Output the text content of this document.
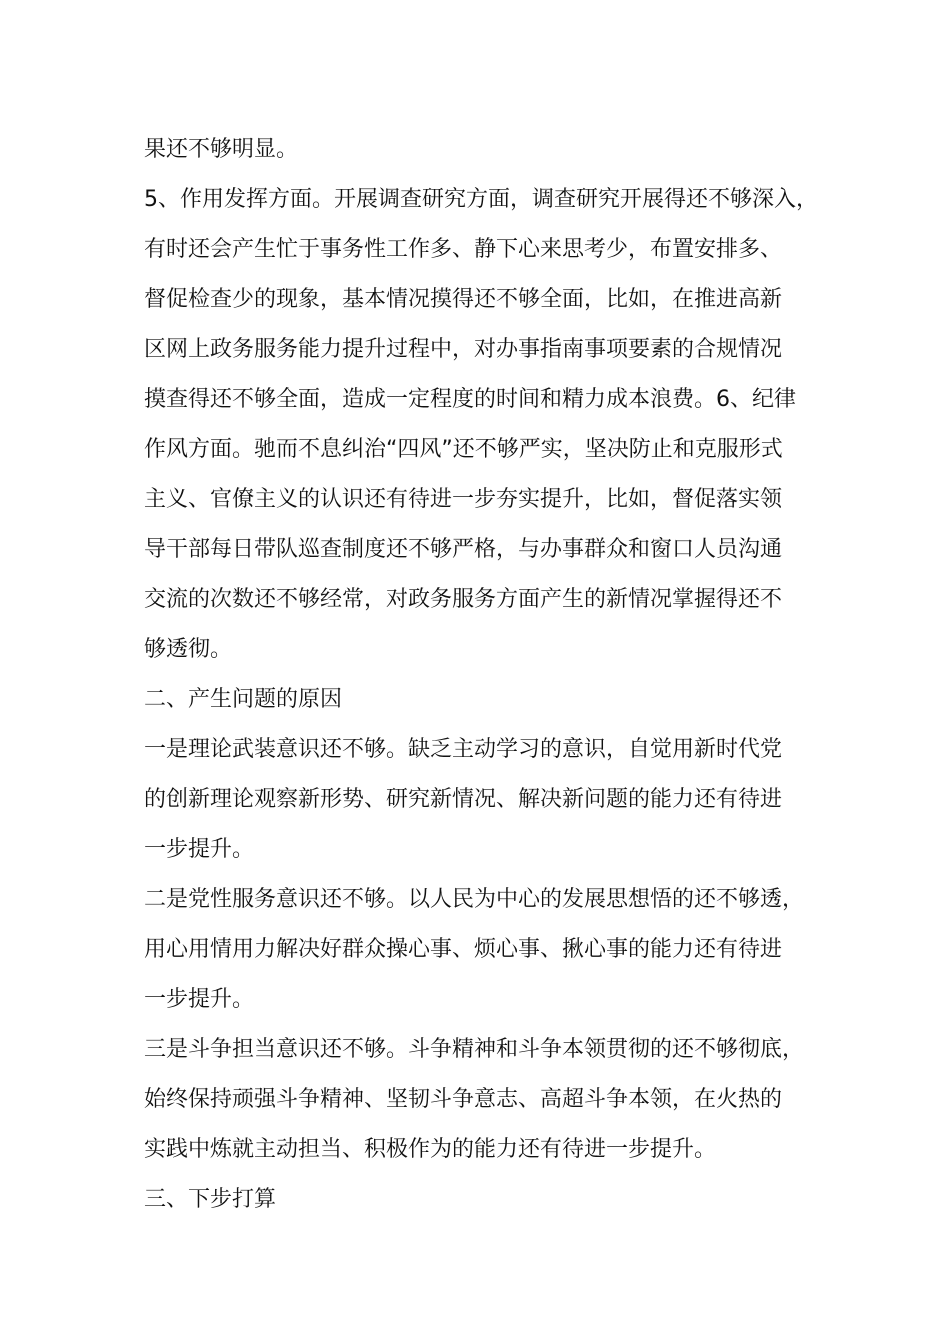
果还不够明显。

5、作用发挥方面。开展调查研究方面，调查研究开展得还不够深入，

有时还会产生忙于事务性工作多、静下心来思考少，布置安排多、

督促检查少的现象，基本情况摸得还不够全面，比如，在推进高新

区网上政务服务能力提升过程中，对办事指南事项要素的合规情况

摸查得还不够全面，造成一定程度的时间和精力成本浪费。6、纪律

作风方面。驰而不息纠治“四风”还不够严实，坚决防止和克服形式

主义、官僚主义的认识还有待进一步夯实提升，比如，督促落实领

导干部每日带队巡查制度还不够严格，与办事群众和窗口人员沟通

交流的次数还不够经常，对政务服务方面产生的新情况掌握得还不

够透彻。

二、产生问题的原因

一是理论武装意识还不够。缺乏主动学习的意识，自觉用新时代党

的创新理论观察新形势、研究新情况、解决新问题的能力还有待进

一步提升。

二是党性服务意识还不够。以人民为中心的发展思想悟的还不够透，

用心用情用力解决好群众操心事、烦心事、揪心事的能力还有待进

一步提升。

三是斗争担当意识还不够。斗争精神和斗争本领贯彻的还不够彻底，

始终保持顽强斗争精神、坚韧斗争意志、高超斗争本领，在火热的

实践中炼就主动担当、积极作为的能力还有待进一步提升。

三、下步打算
